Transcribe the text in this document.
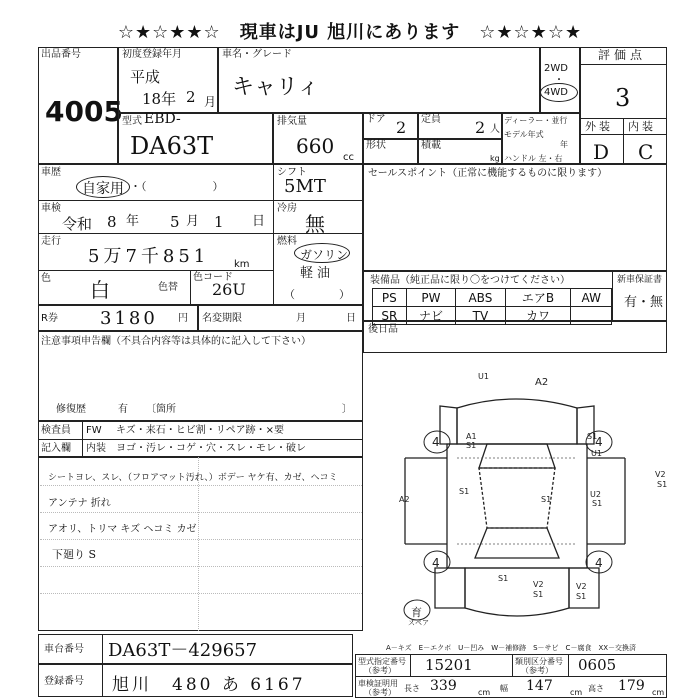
☆★☆★★☆　現車はJU 旭川にあります　☆★☆★☆★
出品番号
4005
初度登録年月
平成
18年 2 月
車名・グレード
キャリィ
2WD
・
4WD
評価点
3
外装 内装
D C
型式 EBD-
DA63T
排気量
660 cc
ドア 2 定員 2 人
形状	積載
kg
ディーラー・並行
モデル年式
年
ハンドル 左・右
車歴
自家用 ・（　　　　　　）
シフト
5MT
車検
令和 8 年 5 月 1 日
冷房
無
走行
5万7千851 km
燃料
ガソリン
軽油
（　　　　）
色 白	色替
色コード
26U
R券 3180 円 名変期限	月	日
注意事項申告欄（不具合内容等は具体的に記入して下さい）
修復歴	有 〔箇所	〕
検査員 FW キズ・来石・ヒビ割・リペア跡・×要
記入欄 内装 ヨゴ・汚レ・コゲ・穴・スレ・モレ・破レ
シートヨレ、スレ、（フロアマット汚れ、）ボデー ヤケ有、カゼ、ヘコミ
アンテナ 折れ
アオリ、トリマ キズ ヘコミ カゼ
下廻り S
セールスポイント（正常に機能するものに限ります）
装備品（純正品に限り〇をつけてください）	新車保証書
有・無
PS	PW	ABS	エアB	AW
SR	ナビ	TV	カワ	
後日品
A2
U1
A1
S1
S1
U1
V2
S1
S1
S1
U2
S1
A2
V2	V2
S1	S1
S1
4	4
4	4
育
スペア
車台番号 DA63T－429657
登録番号 旭川　480 あ 6167
A－キズ　E－エクボ　U－凹み　W－補修跡　S－サビ　C－腐食　XX－交換済
型式指定番号
（参考） 15201	類別区分番号
（参考） 0605
車検証明用
（参考） 長さ 339	cm 幅 147 cm 高さ 179 cm
